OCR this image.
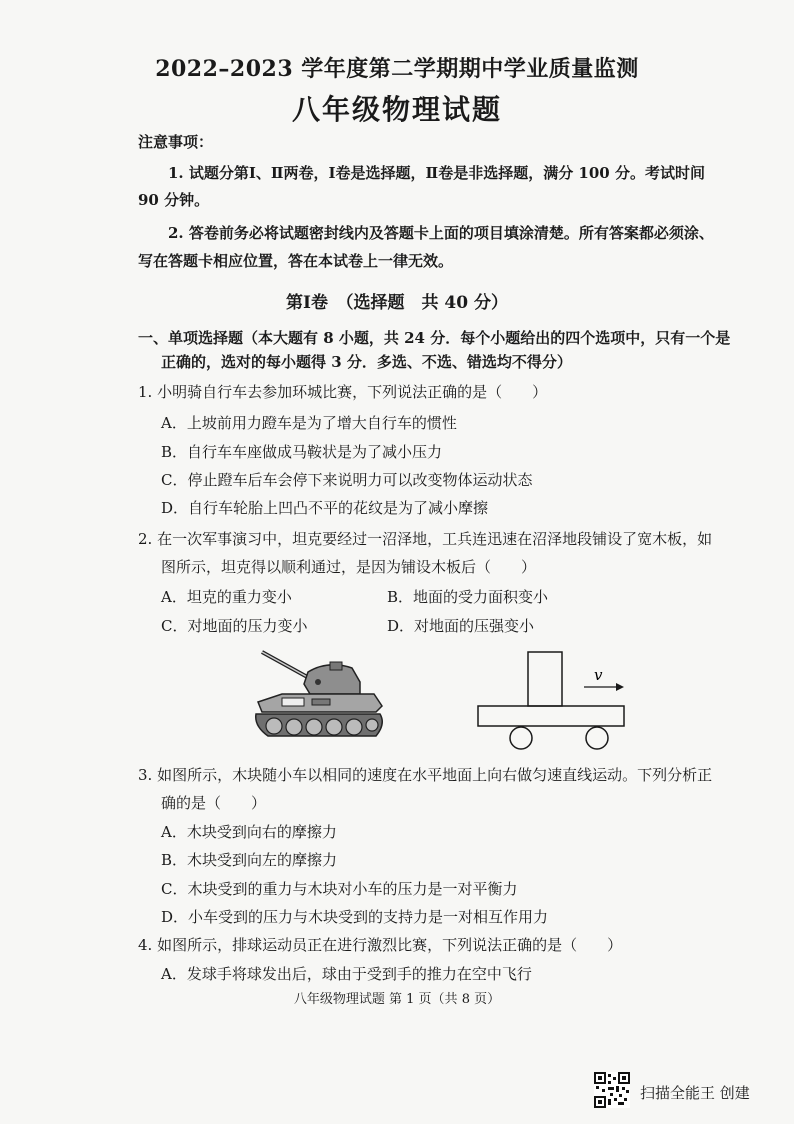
2022–2023 学年度第二学期期中学业质量监测
八年级物理试题
注意事项：
1. 试题分第Ⅰ、Ⅱ两卷，Ⅰ卷是选择题，Ⅱ卷是非选择题，满分 100 分。考试时间
90 分钟。
2. 答卷前务必将试题密封线内及答题卡上面的项目填涂清楚。所有答案都必须涂、
写在答题卡相应位置，答在本试卷上一律无效。
第Ⅰ卷　（选择题　共 40 分）
一、单项选择题（本大题有 8 小题，共 24 分．每个小题给出的四个选项中，只有一个是
正确的，选对的每小题得 3 分．多选、不选、错选均不得分）
1. 小明骑自行车去参加环城比赛，下列说法正确的是（　　）
A．上坡前用力蹬车是为了增大自行车的惯性
B．自行车车座做成马鞍状是为了减小压力
C．停止蹬车后车会停下来说明力可以改变物体运动状态
D．自行车轮胎上凹凸不平的花纹是为了减小摩擦
2. 在一次军事演习中，坦克要经过一沼泽地，工兵连迅速在沼泽地段铺设了宽木板，如
图所示，坦克得以顺利通过，是因为铺设木板后（　　）
A．坦克的重力变小	B．地面的受力面积变小
C．对地面的压力变小	D．对地面的压强变小
v
3. 如图所示，木块随小车以相同的速度在水平地面上向右做匀速直线运动。下列分析正
确的是（　　）
A．木块受到向右的摩擦力
B．木块受到向左的摩擦力
C．木块受到的重力与木块对小车的压力是一对平衡力
D．小车受到的压力与木块受到的支持力是一对相互作用力
4. 如图所示，排球运动员正在进行激烈比赛，下列说法正确的是（　　）
A．发球手将球发出后，球由于受到手的推力在空中飞行
八年级物理试题 第 1 页（共 8 页）
扫描全能王 创建
